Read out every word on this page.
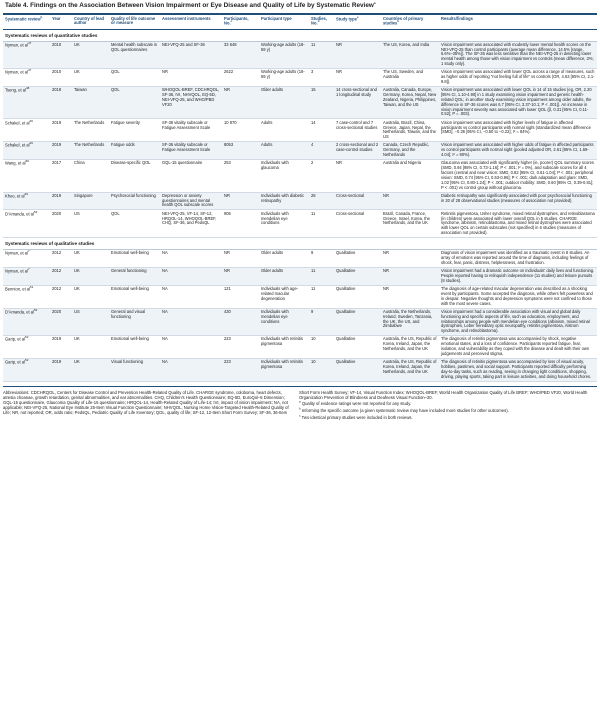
Table 4. Findings on the Association Between Vision Impairment or Eye Disease and Quality of Life by Systematic Review$^a$
Systematic review$^b$	Year	Country of lead author	Quality of life outcome or measure	Assessment instruments	Participants, No.$^c$	Participant type	Studies, No.$^d$	Study type$^e$	Countries of primary studies$^b$	Results/findings
Systematic reviews of quantitative studies										
Nyman, et $al^{47}$	2010	UK	Mental health subscale in QOL questionnaires	NEI-VFQ-25 and SF-36	33 648	Working-age adults (18-59 y)	11	NR	The US, Korea, and India	Vision impairment was associated with modestly lower mental health scores on the NEI-VFQ-25 than control participants (average mean difference, 14.5% [range, 6.6%–35%]). The SF-36 was less sensitive than the NEI-VFQ-25 in detecting lower mental health among those with vision impairment vs controls (mean difference, 3%; 1 study only).
Nyman, et $al^{47}$	2010	UK	QOL	NR	2622	Working-age adults (18-59 y)	3	NR	The US, Sweden, and Australia	Vision impairment was associated with lower QOL across a range of measures, such as higher odds of reporting "not feeling full of life" vs controls (OR, 4.63 [95% CI, 2.1-9.8]).
Tseng, et $al^{48}$	2018	Taiwan	QOL	WHOQOL-BREF, CDCHRQOL, SF-36, IVI, NHVQOL, EQ-5D, NEI-VFQ-25, and WHO/PBD VF20	NR	Older adults	15	14 cross-sectional and 1 longitudinal study	Australia, Canada, Europe, Germany, Korea, Nepal, New Zealand, Nigeria, Philippines, Taiwan, and the US	Vision impairment was associated with lower QOL in 14 of 15 studies (eg, OR, 2.20 [95% CI, 1.10-4.90] in 1 study examining vision impairment and generic health-related QOL; in another study examining vision impairment among older adults, the difference in SF-36 scores was 6.7 [95% CI, 3.37-10.1; P < .001]). An increase in vision impairment severity was associated with lower QOL (β, 0.31 [95% CI, 0.11-0.52]; P = .003).
Schakel, et $al^{46}$	2019	The Netherlands	Fatigue severity	SF-36 vitality subscale or Fatigue Assessment Scale	10 870	Adults	14	7 case-control and 7 cross-sectional studies	Australia, Brazil, China, Greece, Japan, Nepal, the Netherlands, Taiwan, and the US	Vision impairment was associated with higher levels of fatigue in affected participants vs control participants with normal sight (standardized mean difference [SMD], −0.36 [95% CI, −0.50 to −0.22]; I² = 84%).
Schakel, et $al^{46}$	2019	The Netherlands	Fatigue odds	SF-36 vitality subscale or Fatigue Assessment Scale	8053	Adults	4	2 cross-sectional and 2 case-control studies	Canada, Czech Republic, Germany, and the Netherlands	Vision impairment was associated with higher odds of fatigue in affected participants vs control participants with normal sight (pooled adjusted OR, 2.61 [95% CI, 1.69-4.04]; I² = 90%).
Wang, et $al^{50}$	2017	China	Disease-specific QOL	GQL-15 questionnaire	253	Individuals with glaucoma	2	NR	Australia and Nigeria	Glaucoma was associated with significantly higher (ie, poorer) QOL summary scores (SMD, 0.94 [95% CI, 0.73-1.16]; P < .001; I² = 0%), and subscale scores for all 4 factors (central and near vision: SMD, 0.82 [95% CI, 0.61-1.04]; P < .001; peripheral vision: SMD, 0.74 [95% CI, 0.53-0.96]; P < .001; dark adaptation and glare: SMD, 1.02 [95% CI, 0.80-1.24]; P < .001; outdoor mobility: SMD, 0.60 [95% CI, 0.39-0.81]; P < .001) vs control group without glaucoma.
Khoo, et $al^{49}$	2019	Singapore	Psychosocial functioning	Depression or anxiety questionnaires and mental health QOL subscale scores	NR	Individuals with diabetic retinopathy	28	Cross-sectional	NR	Diabetic retinopathy was significantly associated with poor psychosocial functioning in 20 of 28 observational studies (measures of association not provided).
D'Amanda, et $al^{53}$	2020	US	QOL	NEI-VFQ-25, VF-14, SF-12, HRQOL-14, WHOQOL-BREF, CHQ, SF-36, and PedsQL	905	Individuals with mendelian eye conditions	11	Cross-sectional	Brazil, Canada, France, Greece, Israel, Korea, the Netherlands, and the UK	Retinitis pigmentosa, Usher syndrome, mixed retinal dystrophies, and retinoblastoma (in children) were associated with lower overall QOL in 5 studies. CHARGE syndrome, albinism, retinoblastoma, and mixed retinal dystrophies were associated with lower QOL on certain subscales (not specified) in 6 studies (measures of association not provided).
Systematic reviews of qualitative studies										
Nyman, et $al^7$	2012	UK	Emotional well-being	NA	NR	Older adults	9	Qualitative	NR	Diagnosis of vision impairment was identified as a traumatic event in 8 studies. An array of emotions was reported around the time of diagnosis, including feelings of shock, fear, panic, distress, helplessness, and frustration.
Nyman, et $al^7$	2012	UK	General functioning	NA	NR	Older adults	11	Qualitative	NR	Vision impairment had a dramatic outcome on individuals' daily lives and functioning. People reported having to relinquish independence (11 studies) and leisure pursuits (8 studies).
Bennion, et $al^{51}$	2012	UK	Emotional well-being	NA	121	Individuals with age-related macular degeneration	11	Qualitative	NR	The diagnosis of age-related macular degeneration was described as a shocking event by participants. Some accepted the diagnosis, while others felt powerless and in despair. Negative thoughts and depression symptoms were not confined to those with the most severe cases.
D'Amanda, et $al^{53}$	2020	US	General and visual functioning	NA	430	Individuals with mendelian eye conditions	9	Qualitative	Australia, the Netherlands, Ireland, Sweden, Tanzania, the UK, the US, and Zimbabwe	Vision impairment had a considerable association with visual and global daily functioning and specific aspects of life, such as education, employment, and relationships among people with mendelian eye conditions (albinism, mixed retinal dystrophies, Leber hereditary optic neuropathy, retinitis pigmentosa, Alstrom syndrome, and retinoblastoma).
Garip, et $al^{52}$	2019	UK	Emotional well-being	NA	223	Individuals with retinitis pigmentosa	10	Qualitative	Australia, the US, Republic of Korea, Ireland, Japan, the Netherlands, and the UK	The diagnosis of retinitis pigmentosa was accompanied by shock, negative emotional states, and a loss of confidence. Participants reported fatigue, fear, isolation, and vulnerability as they coped with the disease and dealt with their own judgements and perceived stigma.
Garip, et $al^{52}$	2019	UK	Visual functioning	NA	223	Individuals with retinitis pigmentosa	10	Qualitative	Australia, the US, Republic of Korea, Ireland, Japan, the Netherlands, and the UK	The diagnosis of retinitis pigmentosa was accompanied by loss of visual acuity, hobbies, pastimes, and social support. Participants reported difficulty performing day-to-day tasks, such as reading, seeing in changing light conditions, shopping, driving, playing sports, taking part in leisure activities, and doing household chores.

Abbreviations: CDCHRQOL, Centers for Disease Control and Prevention Health-Related Quality of Life. CHARGE syndrome, coloboma, heart defects, atresia choanae, growth retardation, genital abnormalities, and ear abnormalities. CHQ, Children's Health Questionnaire; EQ-5D, EuroQol–5 Dimension; GQL-15 questionnaire, Glaucoma Quality of Life-15 questionnaire; HRQOL-14, Health-Related Quality of Life-14; IVI, impact of vision impairment; NA, not applicable; NEI-VFQ-25, National Eye Institute 25-Item Visual Function Questionnaire; NHVQOL, Nursing Home Vision-Targeted Health-Related Quality of Life; NR, not reported; OR, odds ratio; PedsQL, Pediatric Quality of Life Inventory; QOL, quality of life; SF-12, 12-Item Short Form Survey; SF-36, 36-Item

Short Form Health Survey; VF-14, Visual Function Index; WHOQOL-BREF, World Health Organization Quality of Life BREF; WHO/PBD VF20, World Health Organization Prevention of Blindness and Deafness Visual Function–20.

$^a$ Quality of evidence ratings were not reported for any study.

$^b$ Informing the specific outcome (a given systematic review may have included more studies for other outcomes).

$^c$ Two identical primary studies were included in both reviews.
